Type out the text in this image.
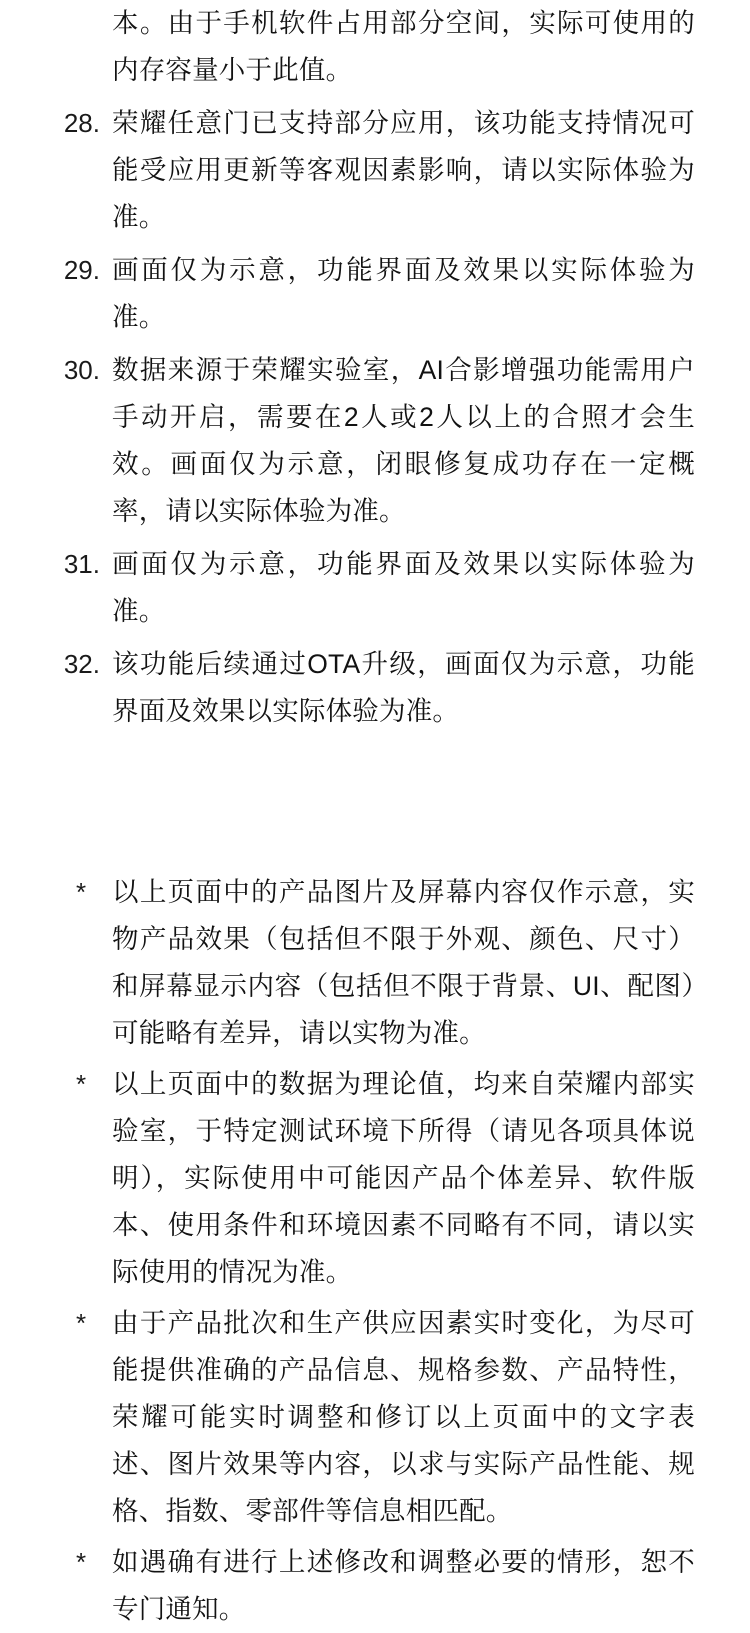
本。由于手机软件占用部分空间，实际可使用的内存容量小于此值。
28. 荣耀任意门已支持部分应用，该功能支持情况可能受应用更新等客观因素影响，请以实际体验为准。
29. 画面仅为示意，功能界面及效果以实际体验为准。
30. 数据来源于荣耀实验室，AI合影增强功能需用户手动开启，需要在2人或2人以上的合照才会生效。画面仅为示意，闭眼修复成功存在一定概率，请以实际体验为准。
31. 画面仅为示意，功能界面及效果以实际体验为准。
32. 该功能后续通过OTA升级，画面仅为示意，功能界面及效果以实际体验为准。
* 以上页面中的产品图片及屏幕内容仅作示意，实物产品效果（包括但不限于外观、颜色、尺寸）和屏幕显示内容（包括但不限于背景、UI、配图）可能略有差异，请以实物为准。
* 以上页面中的数据为理论值，均来自荣耀内部实验室，于特定测试环境下所得（请见各项具体说明），实际使用中可能因产品个体差异、软件版本、使用条件和环境因素不同略有不同，请以实际使用的情况为准。
* 由于产品批次和生产供应因素实时变化，为尽可能提供准确的产品信息、规格参数、产品特性，荣耀可能实时调整和修订以上页面中的文字表述、图片效果等内容，以求与实际产品性能、规格、指数、零部件等信息相匹配。
* 如遇确有进行上述修改和调整必要的情形，恕不专门通知。
